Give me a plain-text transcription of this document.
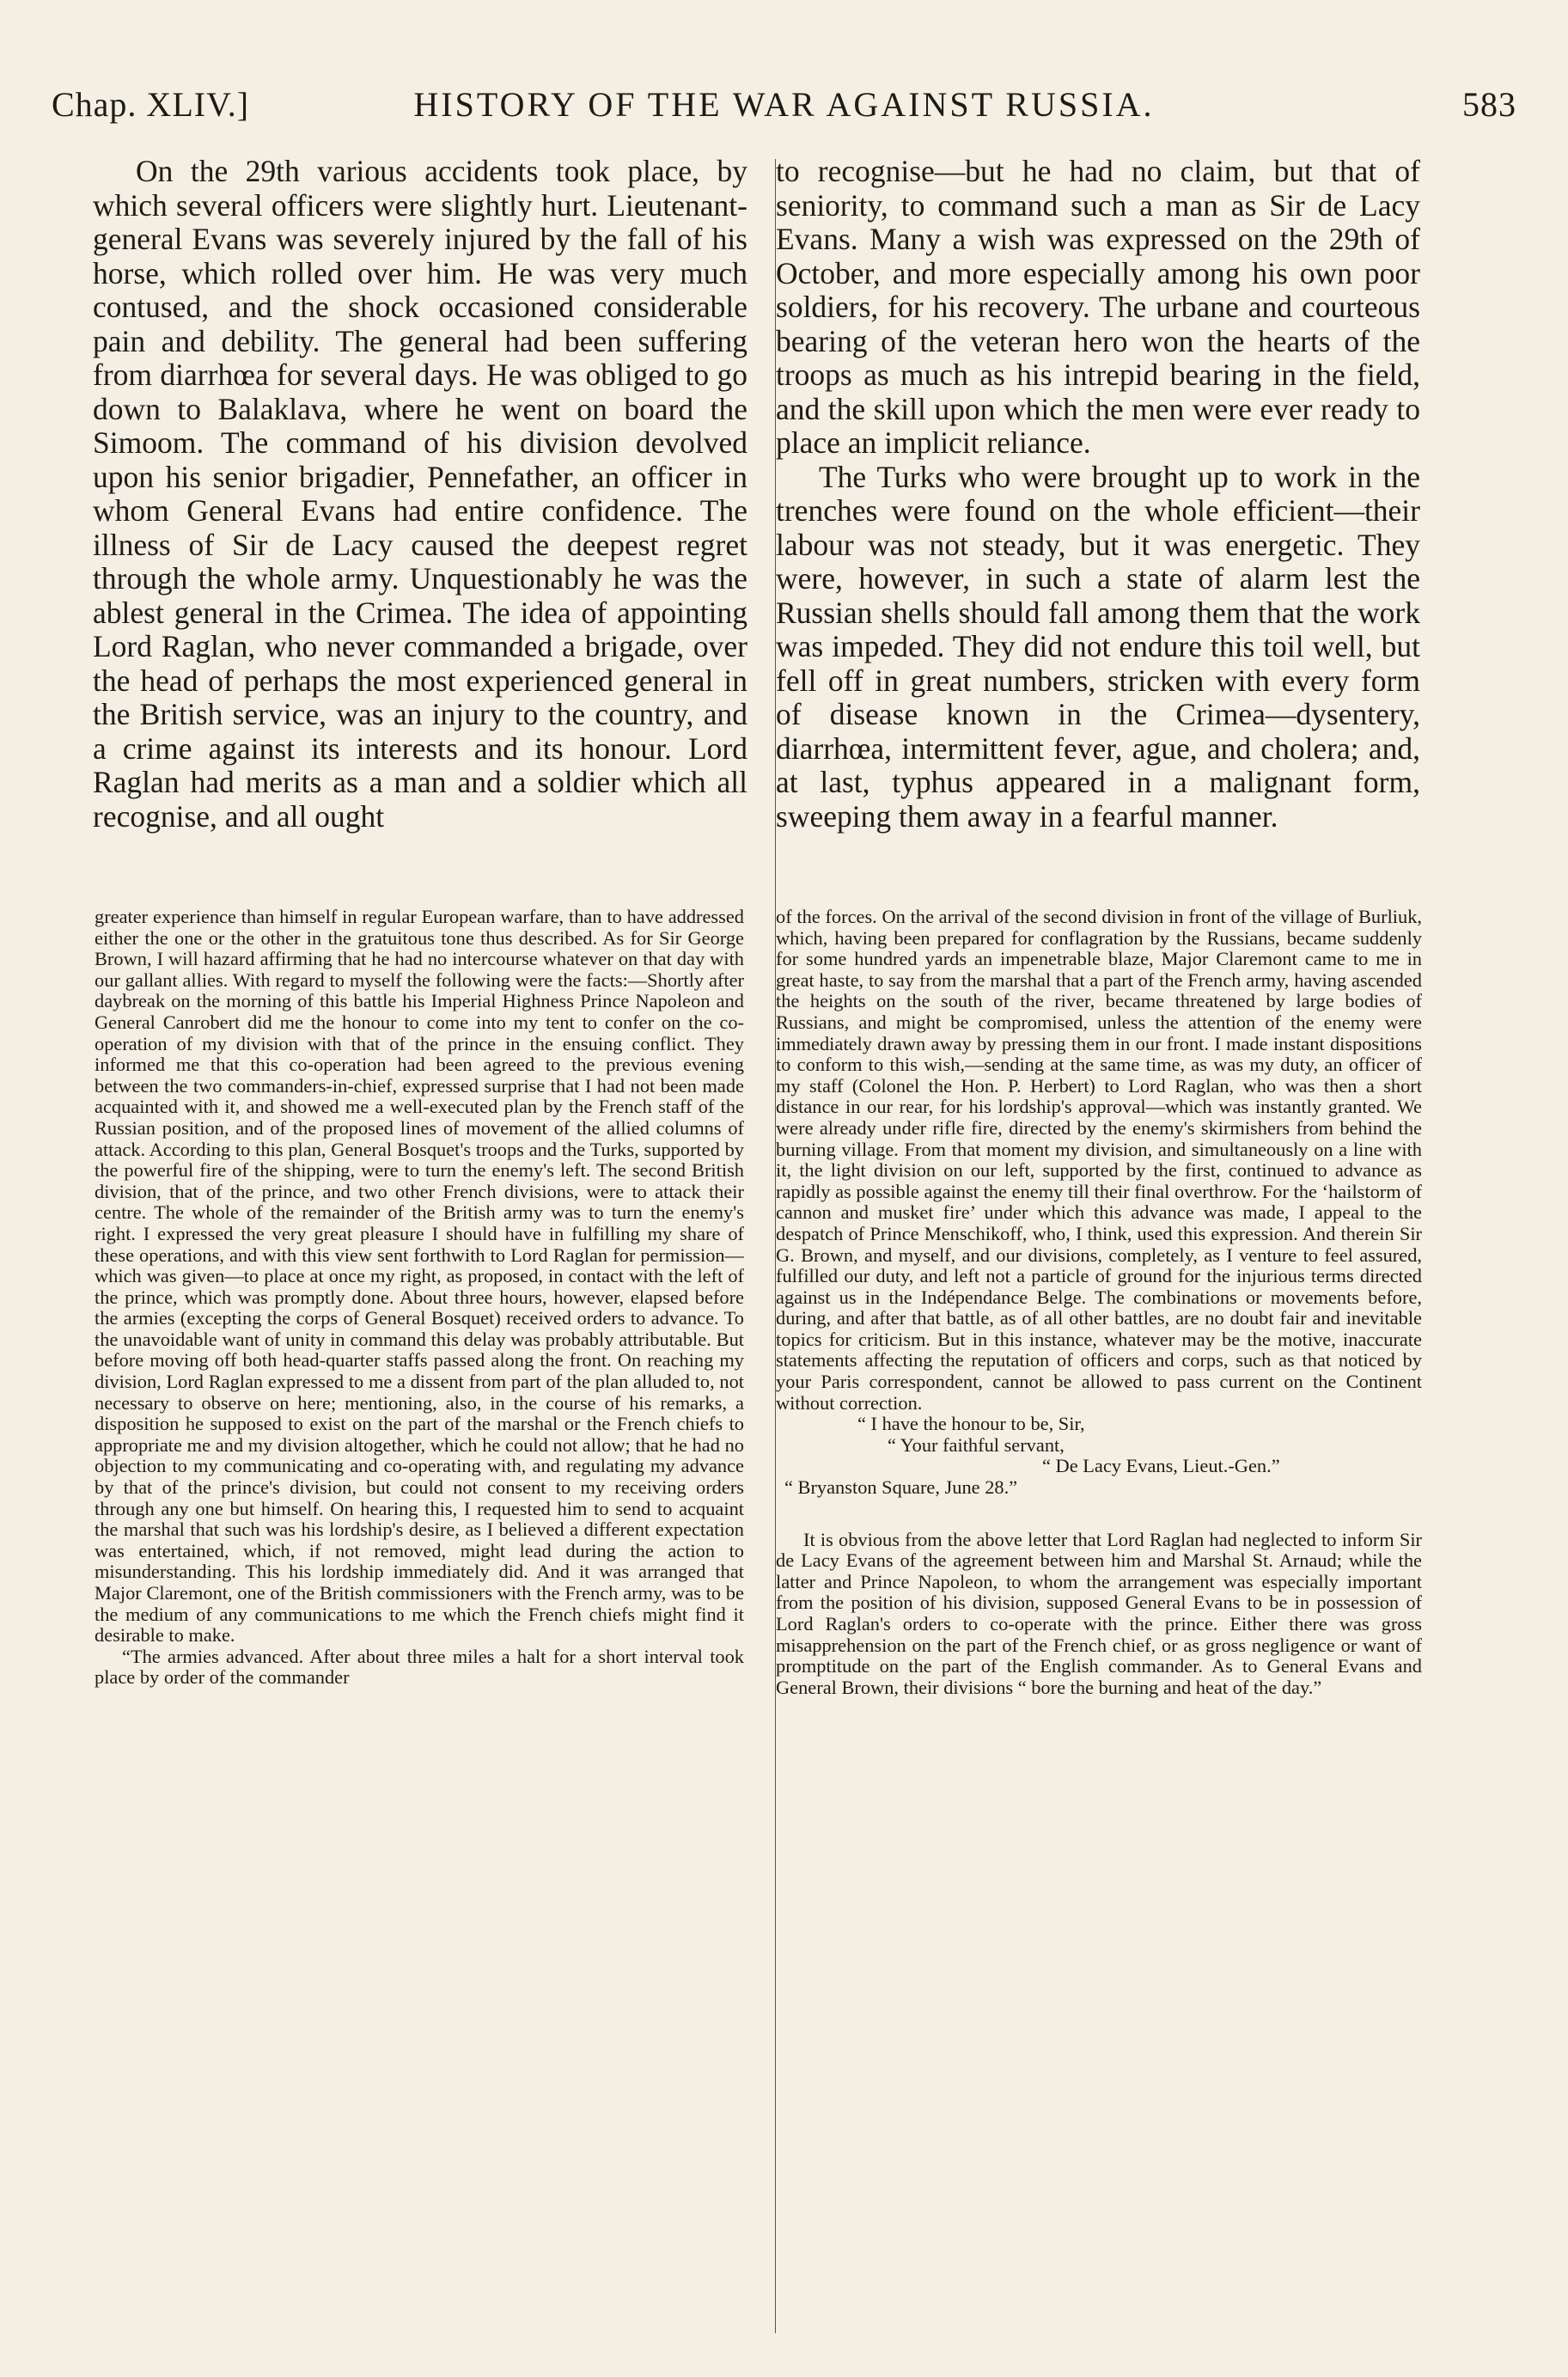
Chap. XLIV.]	HISTORY OF THE WAR AGAINST RUSSIA.	583

On the 29th various accidents took place, by which several officers were slightly hurt. Lieutenant-general Evans was severely injured by the fall of his horse, which rolled over him. He was very much contused, and the shock occasioned considerable pain and debility. The general had been suffering from diarrhœa for several days. He was obliged to go down to Balaklava, where he went on board the Simoom. The command of his division devolved upon his senior brigadier, Pennefather, an officer in whom General Evans had entire confidence. The illness of Sir de Lacy caused the deepest regret through the whole army. Unquestionably he was the ablest general in the Crimea. The idea of appointing Lord Raglan, who never commanded a brigade, over the head of perhaps the most experienced general in the British service, was an injury to the country, and a crime against its interests and its honour. Lord Raglan had merits as a man and a soldier which all recognise, and all ought

to recognise—but he had no claim, but that of seniority, to command such a man as Sir de Lacy Evans. Many a wish was expressed on the 29th of October, and more especially among his own poor soldiers, for his recovery. The urbane and courteous bearing of the veteran hero won the hearts of the troops as much as his intrepid bearing in the field, and the skill upon which the men were ever ready to place an implicit reliance.

The Turks who were brought up to work in the trenches were found on the whole efficient—their labour was not steady, but it was energetic. They were, however, in such a state of alarm lest the Russian shells should fall among them that the work was impeded. They did not endure this toil well, but fell off in great numbers, stricken with every form of disease known in the Crimea—dysentery, diarrhœa, intermittent fever, ague, and cholera; and, at last, typhus appeared in a malignant form, sweeping them away in a fearful manner.

greater experience than himself in regular European warfare, than to have addressed either the one or the other in the gratuitous tone thus described. As for Sir George Brown, I will hazard affirming that he had no intercourse whatever on that day with our gallant allies. With regard to myself the following were the facts:—Shortly after daybreak on the morning of this battle his Imperial Highness Prince Napoleon and General Canrobert did me the honour to come into my tent to confer on the co-operation of my division with that of the prince in the ensuing conflict. They informed me that this co-operation had been agreed to the previous evening between the two commanders-in-chief, expressed surprise that I had not been made acquainted with it, and showed me a well-executed plan by the French staff of the Russian position, and of the proposed lines of movement of the allied columns of attack. According to this plan, General Bosquet's troops and the Turks, supported by the powerful fire of the shipping, were to turn the enemy's left. The second British division, that of the prince, and two other French divisions, were to attack their centre. The whole of the remainder of the British army was to turn the enemy's right. I expressed the very great pleasure I should have in fulfilling my share of these operations, and with this view sent forthwith to Lord Raglan for permission—which was given—to place at once my right, as proposed, in contact with the left of the prince, which was promptly done. About three hours, however, elapsed before the armies (excepting the corps of General Bosquet) received orders to advance. To the unavoidable want of unity in command this delay was probably attributable. But before moving off both head-quarter staffs passed along the front. On reaching my division, Lord Raglan expressed to me a dissent from part of the plan alluded to, not necessary to observe on here; mentioning, also, in the course of his remarks, a disposition he supposed to exist on the part of the marshal or the French chiefs to appropriate me and my division altogether, which he could not allow; that he had no objection to my communicating and co-operating with, and regulating my advance by that of the prince's division, but could not consent to my receiving orders through any one but himself. On hearing this, I requested him to send to acquaint the marshal that such was his lordship's desire, as I believed a different expectation was entertained, which, if not removed, might lead during the action to misunderstanding. This his lordship immediately did. And it was arranged that Major Claremont, one of the British commissioners with the French army, was to be the medium of any communications to me which the French chiefs might find it desirable to make.

“The armies advanced. After about three miles a halt for a short interval took place by order of the commander

of the forces. On the arrival of the second division in front of the village of Burliuk, which, having been prepared for conflagration by the Russians, became suddenly for some hundred yards an impenetrable blaze, Major Claremont came to me in great haste, to say from the marshal that a part of the French army, having ascended the heights on the south of the river, became threatened by large bodies of Russians, and might be compromised, unless the attention of the enemy were immediately drawn away by pressing them in our front. I made instant dispositions to conform to this wish,—sending at the same time, as was my duty, an officer of my staff (Colonel the Hon. P. Herbert) to Lord Raglan, who was then a short distance in our rear, for his lordship's approval—which was instantly granted. We were already under rifle fire, directed by the enemy's skirmishers from behind the burning village. From that moment my division, and simultaneously on a line with it, the light division on our left, supported by the first, continued to advance as rapidly as possible against the enemy till their final overthrow. For the ‘hailstorm of cannon and musket fire’ under which this advance was made, I appeal to the despatch of Prince Menschikoff, who, I think, used this expression. And therein Sir G. Brown, and myself, and our divisions, completely, as I venture to feel assured, fulfilled our duty, and left not a particle of ground for the injurious terms directed against us in the Indépendance Belge. The combinations or movements before, during, and after that battle, as of all other battles, are no doubt fair and inevitable topics for criticism. But in this instance, whatever may be the motive, inaccurate statements affecting the reputation of officers and corps, such as that noticed by your Paris correspondent, cannot be allowed to pass current on the Continent without correction.

“ I have the honour to be, Sir,

“ Your faithful servant,

“ De Lacy Evans, Lieut.-Gen.”

“ Bryanston Square, June 28.”

It is obvious from the above letter that Lord Raglan had neglected to inform Sir de Lacy Evans of the agreement between him and Marshal St. Arnaud; while the latter and Prince Napoleon, to whom the arrangement was especially important from the position of his division, supposed General Evans to be in possession of Lord Raglan's orders to co-operate with the prince. Either there was gross misapprehension on the part of the French chief, or as gross negligence or want of promptitude on the part of the English commander. As to General Evans and General Brown, their divisions “ bore the burning and heat of the day.”
